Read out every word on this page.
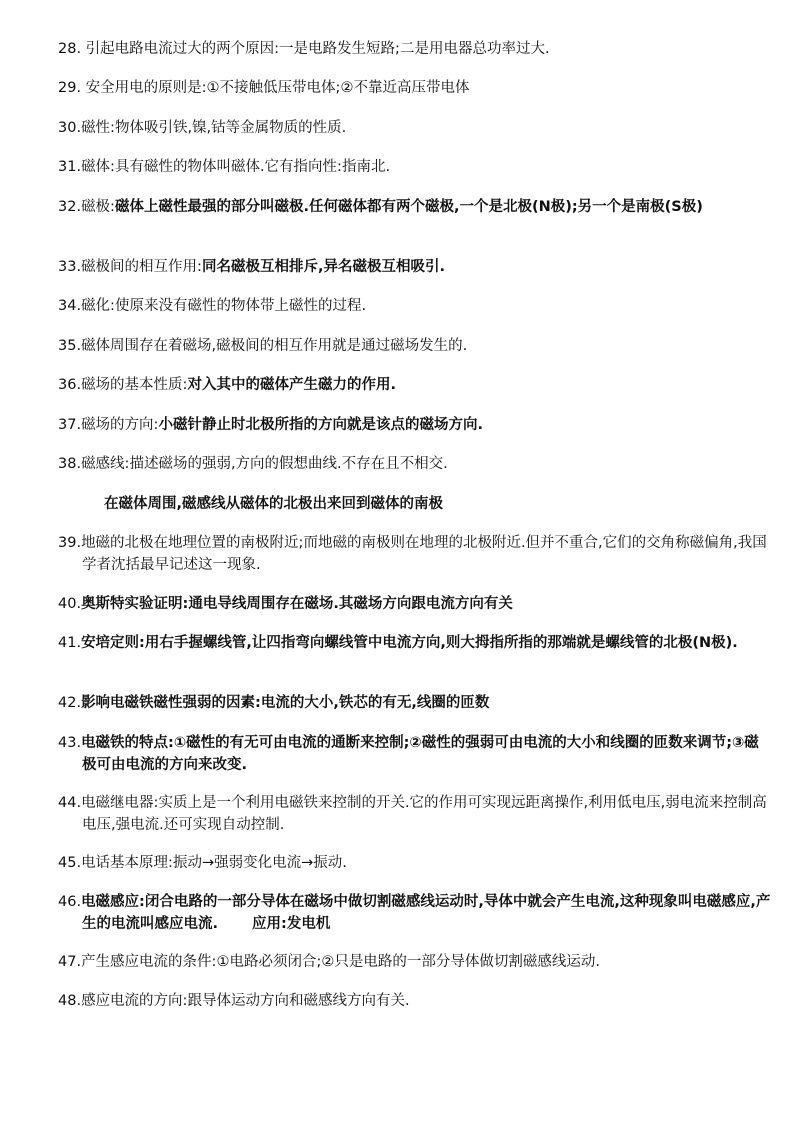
28. 引起电路电流过大的两个原因:一是电路发生短路;二是用电器总功率过大.
29. 安全用电的原则是:①不接触低压带电体;②不靠近高压带电体
30.磁性:物体吸引铁,镍,钴等金属物质的性质.
31.磁体:具有磁性的物体叫磁体.它有指向性:指南北.
32.磁极:磁体上磁性最强的部分叫磁极.任何磁体都有两个磁极,一个是北极(N极);另一个是南极(S极)
33.磁极间的相互作用:同名磁极互相排斥,异名磁极互相吸引.
34.磁化:使原来没有磁性的物体带上磁性的过程.
35.磁体周围存在着磁场,磁极间的相互作用就是通过磁场发生的.
36.磁场的基本性质:对入其中的磁体产生磁力的作用.
37.磁场的方向:小磁针静止时北极所指的方向就是该点的磁场方向.
38.磁感线:描述磁场的强弱,方向的假想曲线.不存在且不相交.
在磁体周围,磁感线从磁体的北极出来回到磁体的南极
39.地磁的北极在地理位置的南极附近;而地磁的南极则在地理的北极附近.但并不重合,它们的交角称磁偏角,我国学者沈括最早记述这一现象.
40.奥斯特实验证明:通电导线周围存在磁场.其磁场方向跟电流方向有关
41.安培定则:用右手握螺线管,让四指弯向螺线管中电流方向,则大拇指所指的那端就是螺线管的北极(N极).
42.影响电磁铁磁性强弱的因素:电流的大小,铁芯的有无,线圈的匝数
43.电磁铁的特点:①磁性的有无可由电流的通断来控制;②磁性的强弱可由电流的大小和线圈的匝数来调节;③磁极可由电流的方向来改变.
44.电磁继电器:实质上是一个利用电磁铁来控制的开关.它的作用可实现远距离操作,利用低电压,弱电流来控制高电压,强电流.还可实现自动控制.
45.电话基本原理:振动→强弱变化电流→振动.
46.电磁感应:闭合电路的一部分导体在磁场中做切割磁感线运动时,导体中就会产生电流,这种现象叫电磁感应,产生的电流叫感应电流. 应用:发电机
47.产生感应电流的条件:①电路必须闭合;②只是电路的一部分导体做切割磁感线运动.
48.感应电流的方向:跟导体运动方向和磁感线方向有关.
